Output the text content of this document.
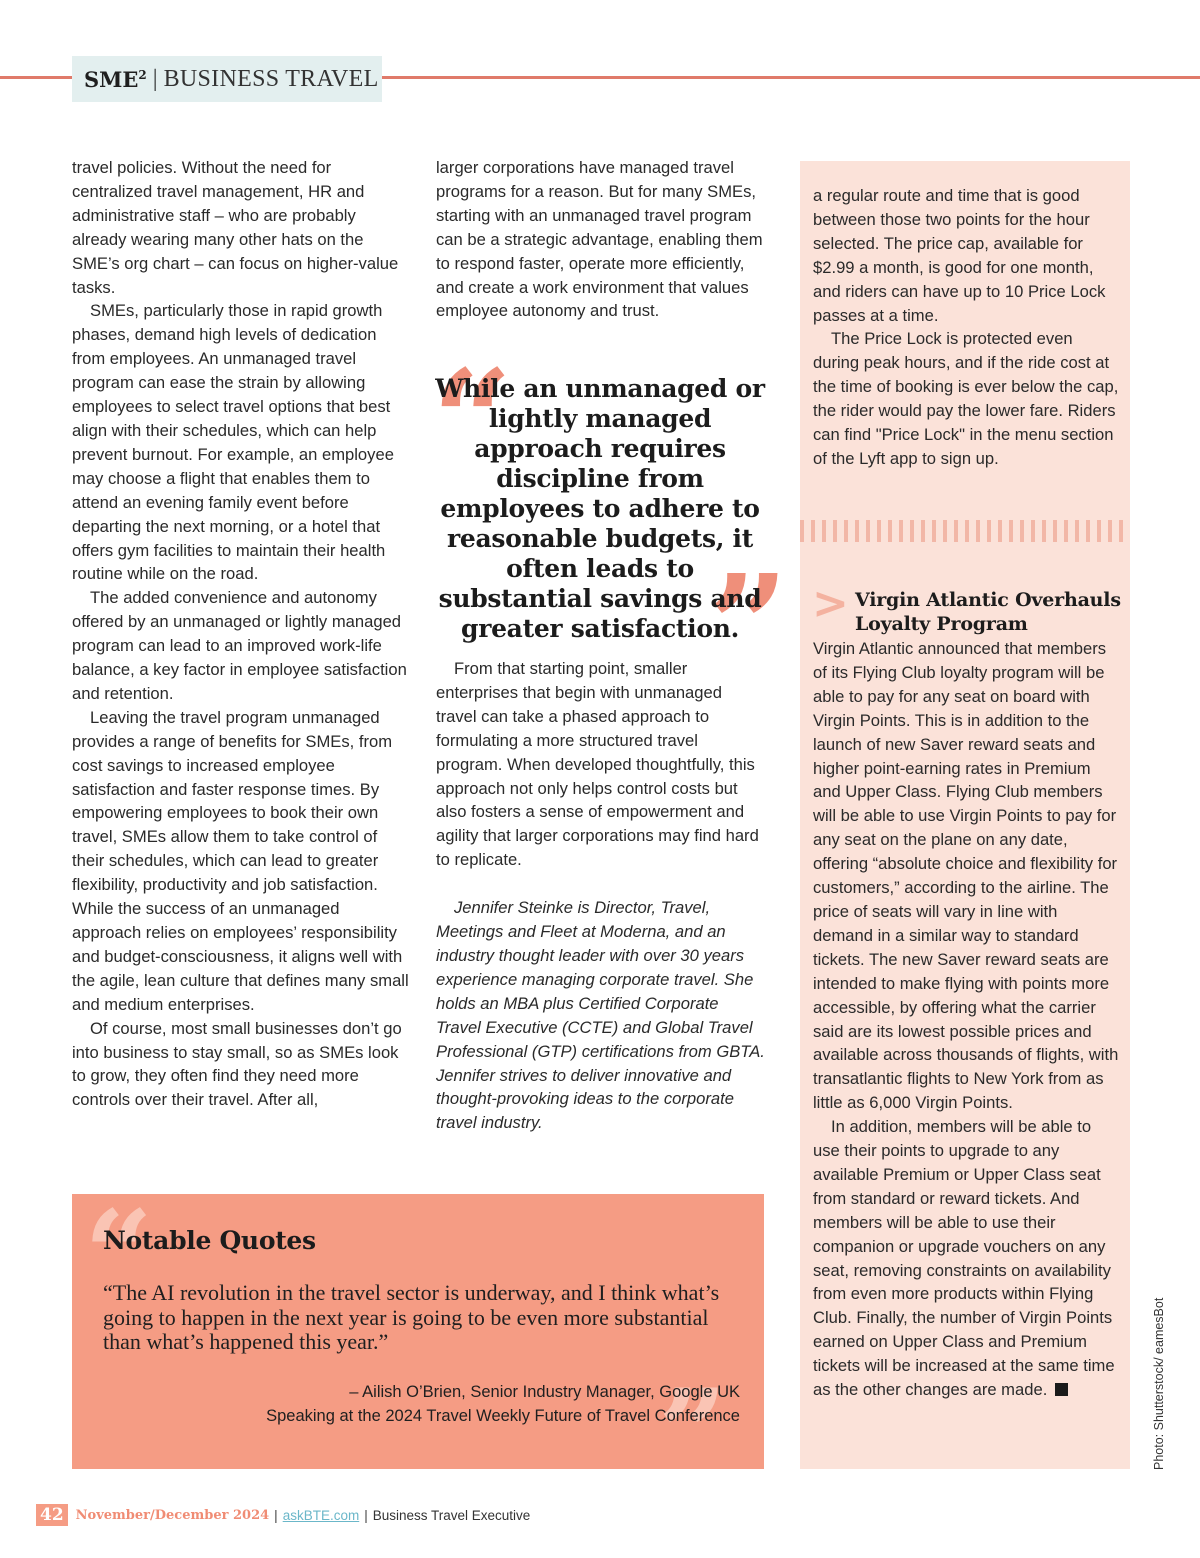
SME$^2$ | BUSINESS TRAVEL

travel policies. Without the need for centralized travel management, HR and administrative staff – who are probably already wearing many other hats on the SME’s org chart – can focus on higher-value tasks.

SMEs, particularly those in rapid growth phases, demand high levels of dedication from employees. An unmanaged travel program can ease the strain by allowing employees to select travel options that best align with their schedules, which can help prevent burnout. For example, an employee may choose a flight that enables them to attend an evening family event before departing the next morning, or a hotel that offers gym facilities to maintain their health routine while on the road.

The added convenience and autonomy offered by an unmanaged or lightly managed program can lead to an improved work-life balance, a key factor in employee satisfaction and retention.

Leaving the travel program unmanaged provides a range of benefits for SMEs, from cost savings to increased employee satisfaction and faster response times. By empowering employees to book their own travel, SMEs allow them to take control of their schedules, which can lead to greater flexibility, productivity and job satisfaction. While the success of an unmanaged approach relies on employees’ responsibility and budget-consciousness, it aligns well with the agile, lean culture that defines many small and medium enterprises.

Of course, most small businesses don’t go into business to stay small, so as SMEs look to grow, they often find they need more controls over their travel. After all,

larger corporations have managed travel programs for a reason. But for many SMEs, starting with an unmanaged travel program can be a strategic advantage, enabling them to respond faster, operate more efficiently, and create a work environment that values employee autonomy and trust.

“
”
While an unmanaged or lightly managed approach requires discipline from employees to adhere to reasonable budgets, it often leads to substantial savings and greater satisfaction.

From that starting point, smaller enterprises that begin with unmanaged travel can take a phased approach to formulating a more structured travel program. When developed thoughtfully, this approach not only helps control costs but also fosters a sense of empowerment and agility that larger corporations may find hard to replicate.

Jennifer Steinke is Director, Travel, Meetings and Fleet at Moderna, and an industry thought leader with over 30 years experience managing corporate travel. She holds an MBA plus Certified Corporate Travel Executive (CCTE) and Global Travel Professional (GTP) certifications from GBTA. Jennifer strives to deliver innovative and thought-provoking ideas to the corporate travel industry.

a regular route and time that is good between those two points for the hour selected. The price cap, available for $2.99 a month, is good for one month, and riders can have up to 10 Price Lock passes at a time.

The Price Lock is protected even during peak hours, and if the ride cost at the time of booking is ever below the cap, the rider would pay the lower fare. Riders can find "Price Lock" in the menu section of the Lyft app to sign up.

> Virgin Atlantic Overhauls Loyalty Program

Virgin Atlantic announced that members of its Flying Club loyalty program will be able to pay for any seat on board with Virgin Points. This is in addition to the launch of new Saver reward seats and higher point-earning rates in Premium and Upper Class. Flying Club members will be able to use Virgin Points to pay for any seat on the plane on any date, offering “absolute choice and flexibility for customers,” according to the airline. The price of seats will vary in line with demand in a similar way to standard tickets. The new Saver reward seats are intended to make flying with points more accessible, by offering what the carrier said are its lowest possible prices and available across thousands of flights, with transatlantic flights to New York from as little as 6,000 Virgin Points.

In addition, members will be able to use their points to upgrade to any available Premium or Upper Class seat from standard or reward tickets. And members will be able to use their companion or upgrade vouchers on any seat, removing constraints on availability from even more products within Flying Club. Finally, the number of Virgin Points earned on Upper Class and Premium tickets will be increased at the same time as the other changes are made.	Photo: Shutterstock/ eamesBot
“
”
Notable Quotes
“The AI revolution in the travel sector is underway, and I think what’s going to happen in the next year is going to be even more substantial than what’s happened this year.”
– Ailish O’Brien, Senior Industry Manager, Google UK
Speaking at the 2024 Travel Weekly Future of Travel Conference
42 November/December 2024 | askBTE.com | Business Travel Executive
